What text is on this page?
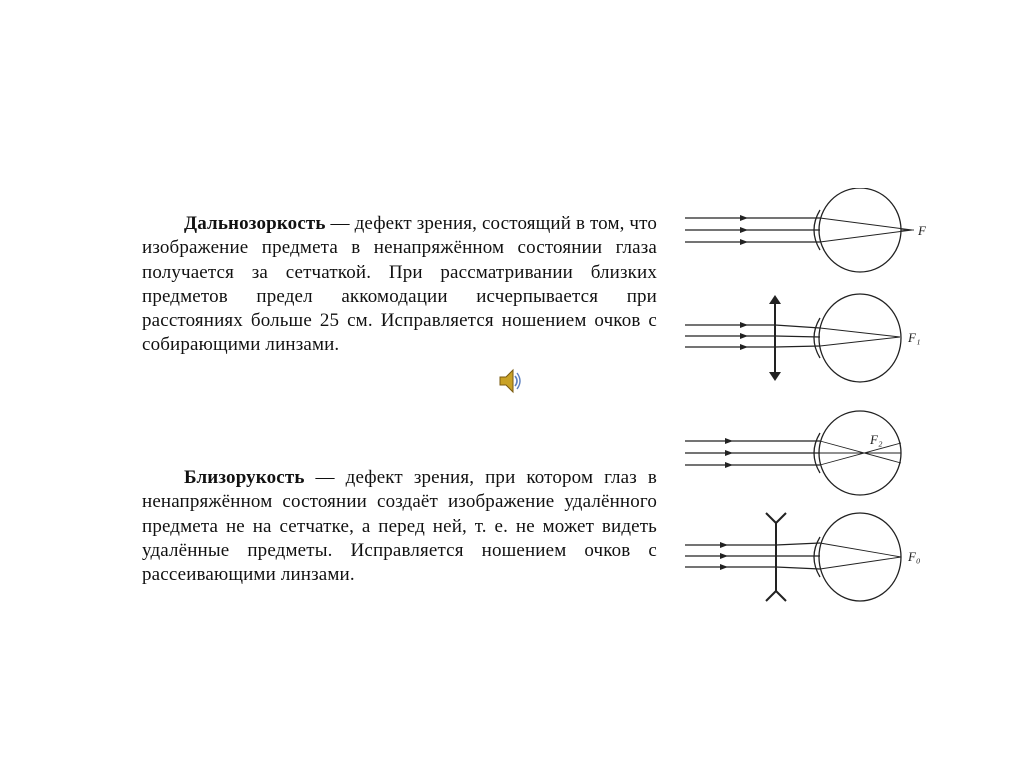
Дальнозоркость — дефект зрения, состоящий в том, что изображение предмета в ненапряжённом состоянии глаза получается за сетчаткой. При рассматривании близких предметов предел аккомодации исчерпывается при расстояниях больше 25 см. Исправляется ношением очков с собирающими линзами.

Близорукость — дефект зрения, при котором глаз в ненапряжённом состоянии создаёт изображение удалённого предмета не на сетчатке, а перед ней, т. е. не может видеть удалённые предметы. Исправляется ношением очков с рассеивающими линзами.

F
F₁
F₂
F₀
